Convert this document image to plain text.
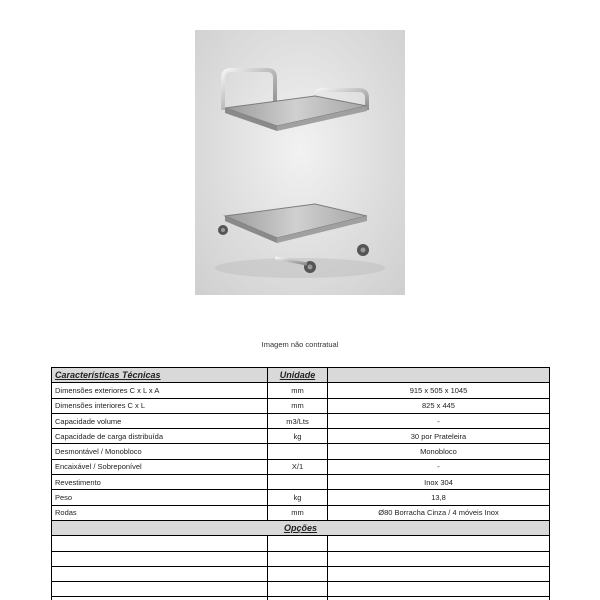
Imagem não contratual
Características Técnicas	Unidade	
Dimensões exteriores C x L x A	mm	915 x 505 x 1045
Dimensões interiores C x L	mm	825 x 445
Capacidade volume	m3/Lts	-
Capacidade de carga distribuída	kg	30 por Prateleira
Desmontável / Monobloco		Monobloco
Encaixável / Sobreponível	X/1	-
Revestimento		Inox 304
Peso	kg	13,8
Rodas	mm	Ø80 Borracha Cinza / 4 móveis Inox
Opções		
